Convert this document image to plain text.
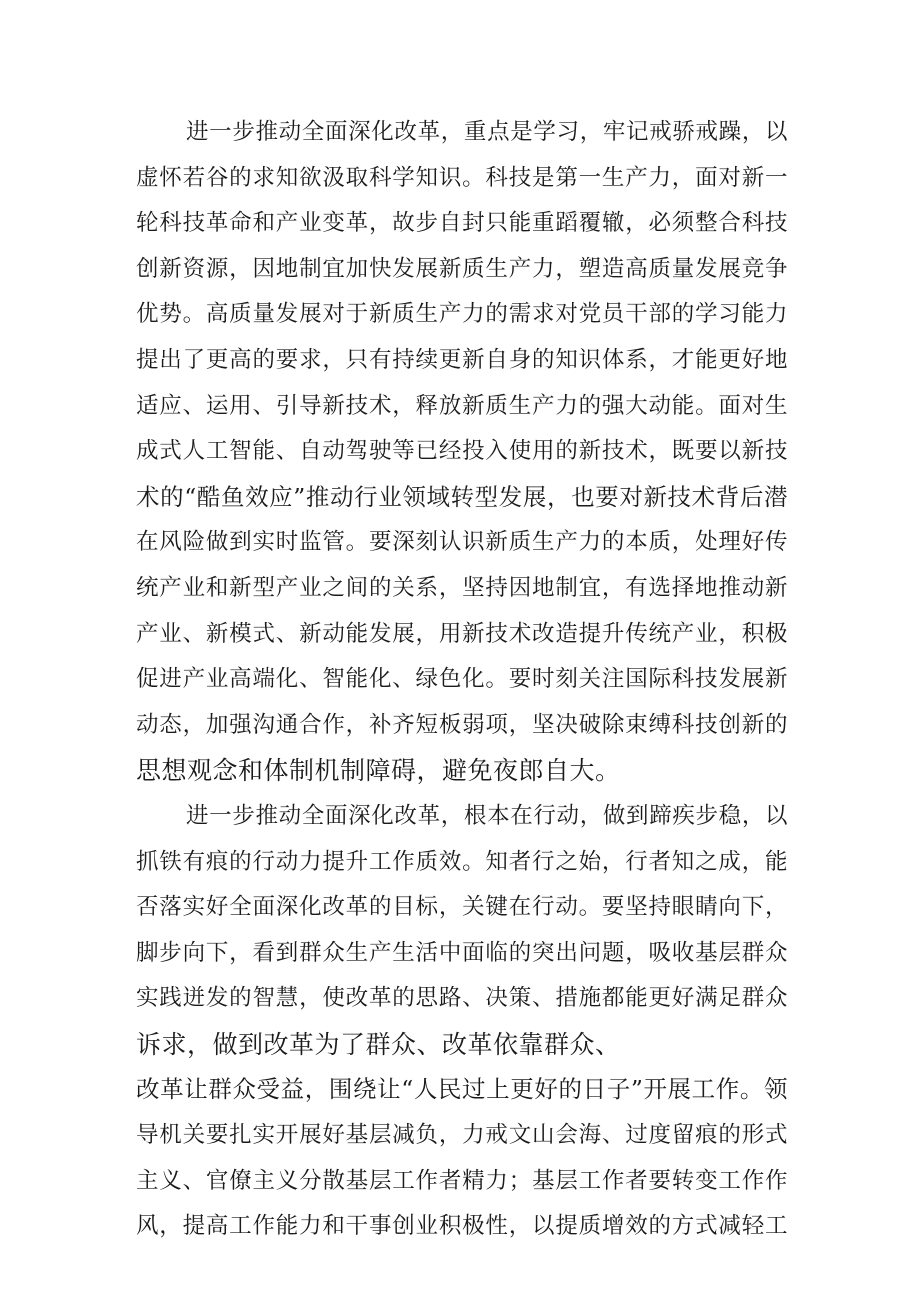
进一步推动全面深化改革，重点是学习，牢记戒骄戒躁，以
虚怀若谷的求知欲汲取科学知识。科技是第一生产力，面对新一
轮科技革命和产业变革，故步自封只能重蹈覆辙，必须整合科技
创新资源，因地制宜加快发展新质生产力，塑造高质量发展竞争
优势。高质量发展对于新质生产力的需求对党员干部的学习能力
提出了更高的要求，只有持续更新自身的知识体系，才能更好地
适应、运用、引导新技术，释放新质生产力的强大动能。面对生
成式人工智能、自动驾驶等已经投入使用的新技术，既要以新技
术的“酷鱼效应”推动行业领域转型发展，也要对新技术背后潜
在风险做到实时监管。要深刻认识新质生产力的本质，处理好传
统产业和新型产业之间的关系，坚持因地制宜，有选择地推动新
产业、新模式、新动能发展，用新技术改造提升传统产业，积极
促进产业高端化、智能化、绿色化。要时刻关注国际科技发展新
动态，加强沟通合作，补齐短板弱项，坚决破除束缚科技创新的
思想观念和体制机制障碍，避免夜郎自大。
进一步推动全面深化改革，根本在行动，做到蹄疾步稳，以
抓铁有痕的行动力提升工作质效。知者行之始，行者知之成，能
否落实好全面深化改革的目标，关键在行动。要坚持眼睛向下，
脚步向下，看到群众生产生活中面临的突出问题，吸收基层群众
实践迸发的智慧，使改革的思路、决策、措施都能更好满足群众
诉求，做到改革为了群众、改革依靠群众、
改革让群众受益，围绕让“人民过上更好的日子”开展工作。领
导机关要扎实开展好基层减负，力戒文山会海、过度留痕的形式
主义、官僚主义分散基层工作者精力；基层工作者要转变工作作
风，提高工作能力和干事创业积极性，以提质增效的方式减轻工
